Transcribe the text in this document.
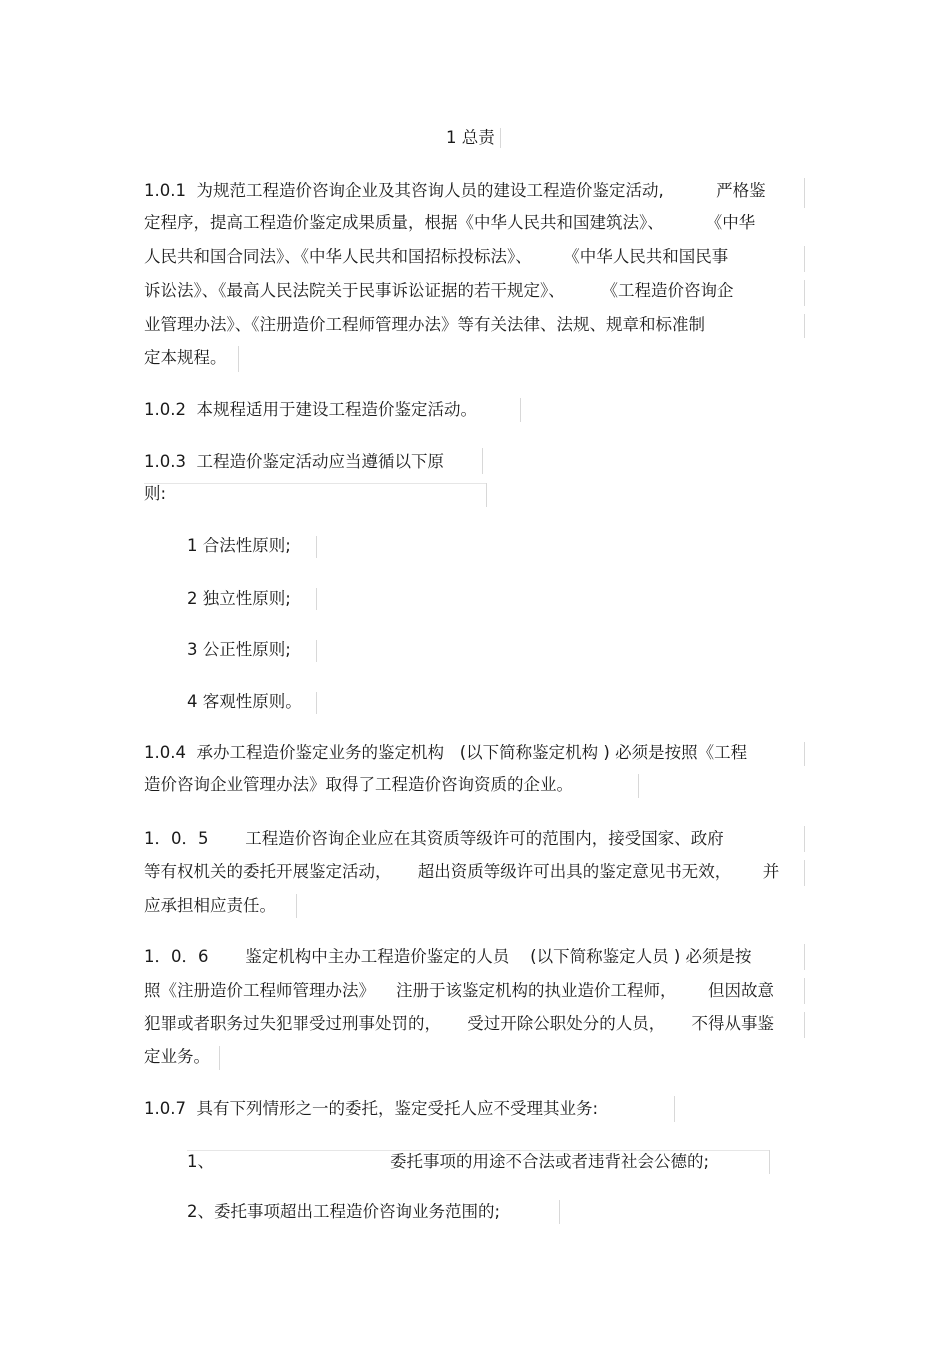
1 总责
1.0.1  为规范工程造价咨询企业及其咨询人员的建设工程造价鉴定活动,          严格鉴
定程序，提高工程造价鉴定成果质量，根据《中华人民共和国建筑法》、        《中华
人民共和国合同法》、《中华人民共和国招标投标法》、      《中华人民共和国民事
诉讼法》、《最高人民法院关于民事诉讼证据的若干规定》、       《工程造价咨询企
业管理办法》、《注册造价工程师管理办法》等有关法律、法规、规章和标准制
定本规程。
1.0.2  本规程适用于建设工程造价鉴定活动。
1.0.3  工程造价鉴定活动应当遵循以下原
则:
1 合法性原则;
2 独立性原则;
3 公正性原则;
4 客观性原则。
1.0.4  承办工程造价鉴定业务的鉴定机构   (以下简称鉴定机构 ) 必须是按照《工程
造价咨询企业管理办法》取得了工程造价咨询资质的企业。
1．0．5       工程造价咨询企业应在其资质等级许可的范围内，接受国家、政府
等有权机关的委托开展鉴定活动，     超出资质等级许可出具的鉴定意见书无效，      并
应承担相应责任。
1．0．6       鉴定机构中主办工程造价鉴定的人员    (以下简称鉴定人员 ) 必须是按
照《注册造价工程师管理办法》    注册于该鉴定机构的执业造价工程师，      但因故意
犯罪或者职务过失犯罪受过刑事处罚的，     受过开除公职处分的人员，     不得从事鉴
定业务。
1.0.7  具有下列情形之一的委托，鉴定受托人应不受理其业务:
1、	委托事项的用途不合法或者违背社会公德的;
2、委托事项超出工程造价咨询业务范围的;
